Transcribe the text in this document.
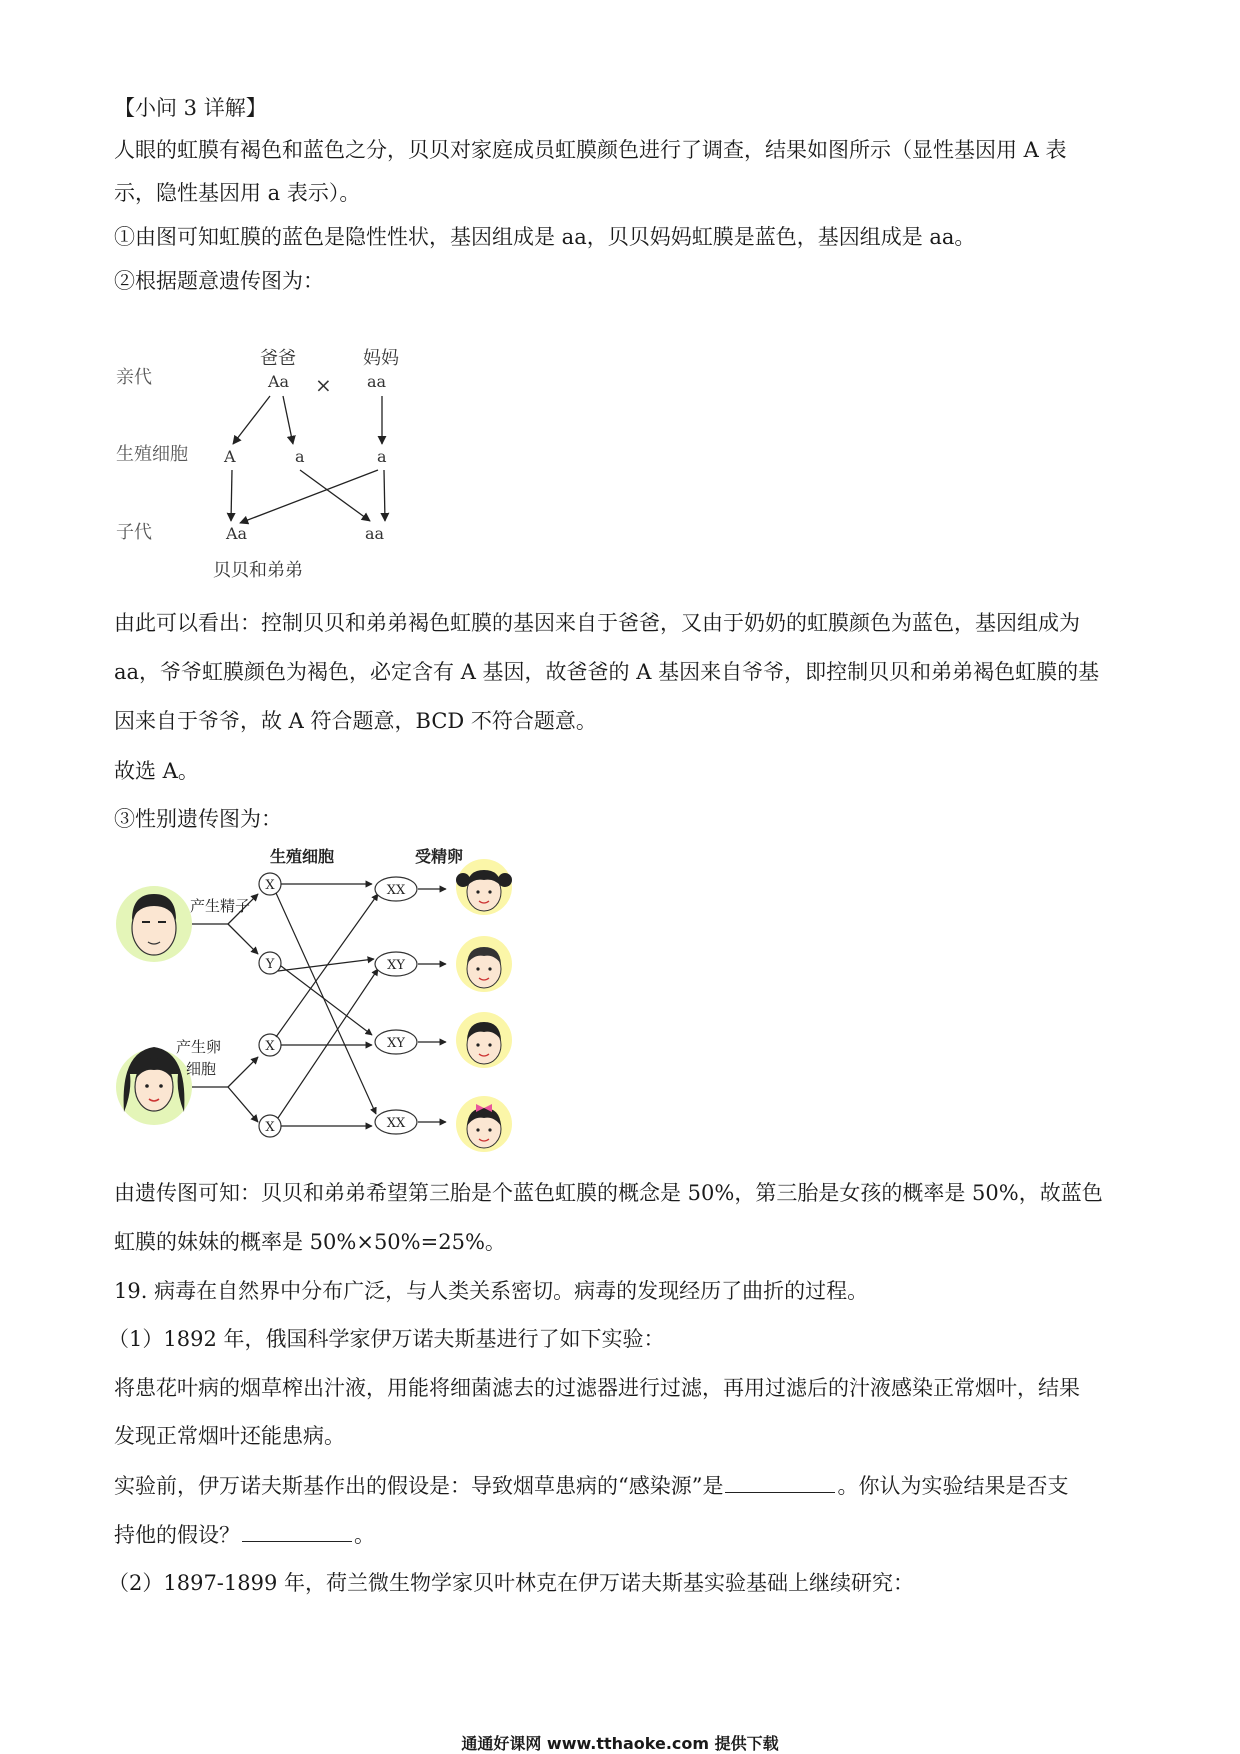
【小问 3 详解】
人眼的虹膜有褐色和蓝色之分，贝贝对家庭成员虹膜颜色进行了调查，结果如图所示（显性基因用 A 表
示，隐性基因用 a 表示）。
①由图可知虹膜的蓝色是隐性性状，基因组成是 aa，贝贝妈妈虹膜是蓝色，基因组成是 aa。
②根据题意遗传图为：
亲代
生殖细胞
子代
爸爸	妈妈
Aa × aa
A	a	a
Aa	aa
贝贝和弟弟
由此可以看出：控制贝贝和弟弟褐色虹膜的基因来自于爸爸，又由于奶奶的虹膜颜色为蓝色，基因组成为
aa，爷爷虹膜颜色为褐色，必定含有 A 基因，故爸爸的 A 基因来自爷爷，即控制贝贝和弟弟褐色虹膜的基
因来自于爷爷，故 A 符合题意，BCD 不符合题意。
故选 A。
③性别遗传图为：
生殖细胞	受精卵
产生精子
产生卵
细胞
X
Y
X
X
XX
XY
XY
XX
由遗传图可知：贝贝和弟弟希望第三胎是个蓝色虹膜的概念是 50%，第三胎是女孩的概率是 50%，故蓝色
虹膜的妹妹的概率是 50%×50%=25%。
19. 病毒在自然界中分布广泛，与人类关系密切。病毒的发现经历了曲折的过程。
（1）1892 年，俄国科学家伊万诺夫斯基进行了如下实验：
将患花叶病的烟草榨出汁液，用能将细菌滤去的过滤器进行过滤，再用过滤后的汁液感染正常烟叶，结果
发现正常烟叶还能患病。
实验前，伊万诺夫斯基作出的假设是：导致烟草患病的“感染源”是	。你认为实验结果是否支
持他的假设？	。
（2）1897-1899 年，荷兰微生物学家贝叶林克在伊万诺夫斯基实验基础上继续研究：
通通好课网 www.tthaoke.com 提供下载
